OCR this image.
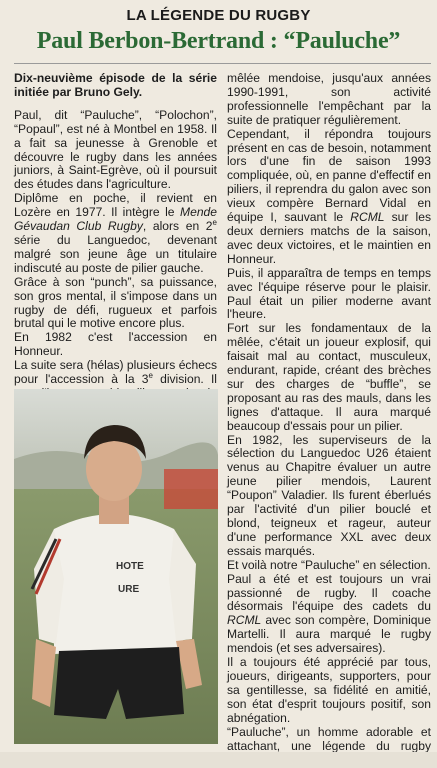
LA LÉGENDE DU RUGBY
Paul Berbon-Bertrand : “Pauluche”

Dix-neuvième épisode de la série initiée par Bruno Gely.

Paul, dit “Pauluche”, “Polochon”, “Popaul”, est né à Montbel en 1958. Il a fait sa jeunesse à Grenoble et découvre le rugby dans les années juniors, à Saint-Egrève, où il poursuit des études dans l'agriculture.

Diplôme en poche, il revient en Lozère en 1977. Il intègre le Mende Gévaudan Club Rugby, alors en 2e série du Languedoc, devenant malgré son jeune âge un titulaire indiscuté au poste de pilier gauche.

Grâce à son “punch”, sa puissance, son gros mental, il s'impose dans un rugby de défi, rugueux et parfois brutal qui le motive encore plus.

En 1982 c'est l'accession en Honneur.

La suite sera (hélas) plusieurs échecs pour l'accession à la 3e division. Il

HOTE
URE

mêlée mendoise, jusqu'aux années 1990-1991, son activité professionnelle l'empêchant par la suite de pratiquer régulièrement.

Cependant, il répondra toujours présent en cas de besoin, notamment lors d'une fin de saison 1993 compliquée, où, en panne d'effectif en piliers, il reprendra du galon avec son vieux compère Bernard Vidal en équipe I, sauvant le RCML sur les deux derniers matchs de la saison, avec deux victoires, et le maintien en Honneur.

Puis, il apparaîtra de temps en temps avec l'équipe réserve pour le plaisir. Paul était un pilier moderne avant l'heure.

Fort sur les fondamentaux de la mêlée, c'était un joueur explosif, qui faisait mal au contact, musculeux, endurant, rapide, créant des brèches sur des charges de “buffle”, se proposant au ras des mauls, dans les lignes d'attaque. Il aura marqué beaucoup d'essais pour un pilier.

En 1982, les superviseurs de la sélection du Languedoc U26 étaient venus au Chapitre évaluer un autre jeune pilier mendois, Laurent “Poupon” Valadier. Ils furent éberlués par l'activité d'un pilier bouclé et blond, teigneux et rageur, auteur d'une performance XXL avec deux essais marqués.

Et voilà notre “Pauluche” en sélection.

Paul a été et est toujours un vrai passionné de rugby. Il coache désormais l'équipe des cadets du RCML avec son compère, Dominique Martelli. Il aura marqué le rugby mendois (et ses adversaires).

Il a toujours été apprécié par tous, joueurs, dirigeants, supporters, pour sa gentillesse, sa fidélité en amitié, son état d'esprit toujours positif, son abnégation.

“Pauluche”, un homme adorable et attachant, une légende du rugby
